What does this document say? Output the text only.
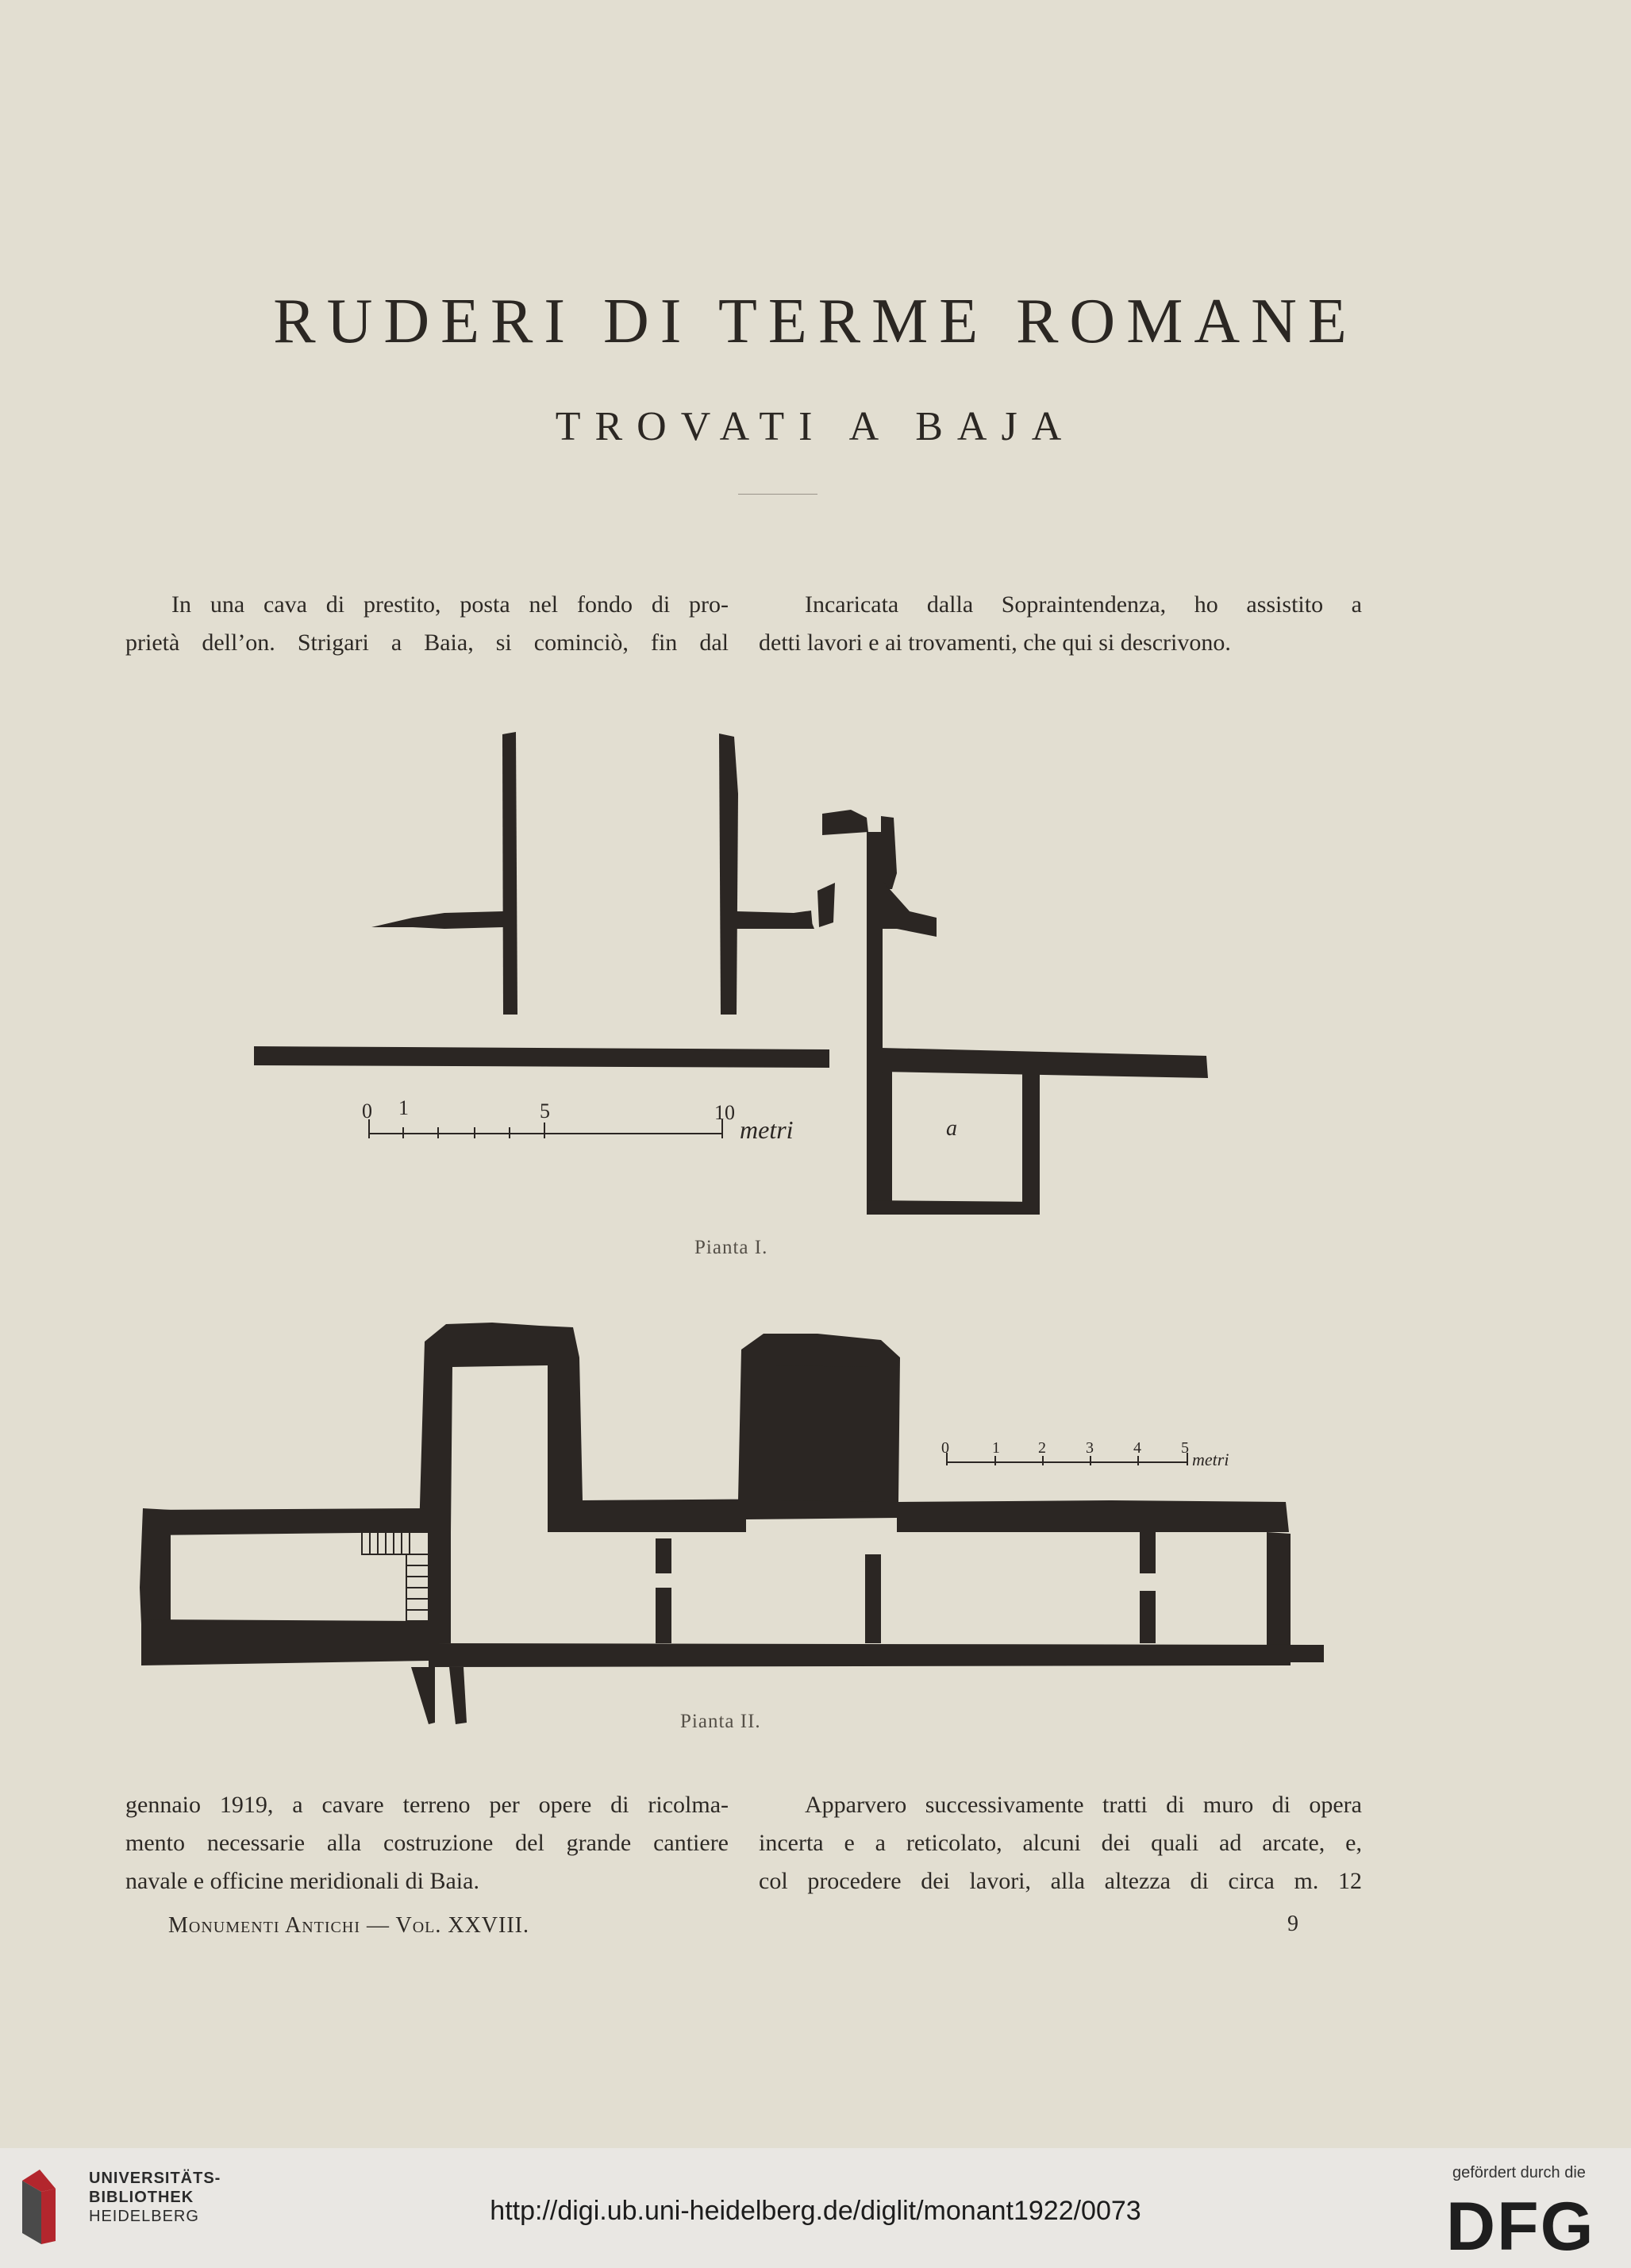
RUDERI DI TERME ROMANE
TROVATI A BAJA

In una cava di prestito, posta nel fondo di pro-

prietà dell’on. Strigari a Baia, si cominciò, fin dal

Incaricata dalla Sopraintendenza, ho assistito a

detti lavori e ai trovamenti, che qui si descrivono.

0 1	5	10
metri	a
0	1 2	3	4	5
metri
Pianta I.
Pianta II.

gennaio 1919, a cavare terreno per opere di ricolma-

mento necessarie alla costruzione del grande cantiere

navale e officine meridionali di Baia.

Apparvero successivamente tratti di muro di opera

incerta e a reticolato, alcuni dei quali ad arcate, e,

col procedere dei lavori, alla altezza di circa m. 12

Monumenti Antichi — Vol. XXVIII.	9
UNIVERSITÄTS-
BIBLIOTHEK
HEIDELBERG	http://digi.ub.uni-heidelberg.de/diglit/monant1922/0073
gefördert durch die
DFG
